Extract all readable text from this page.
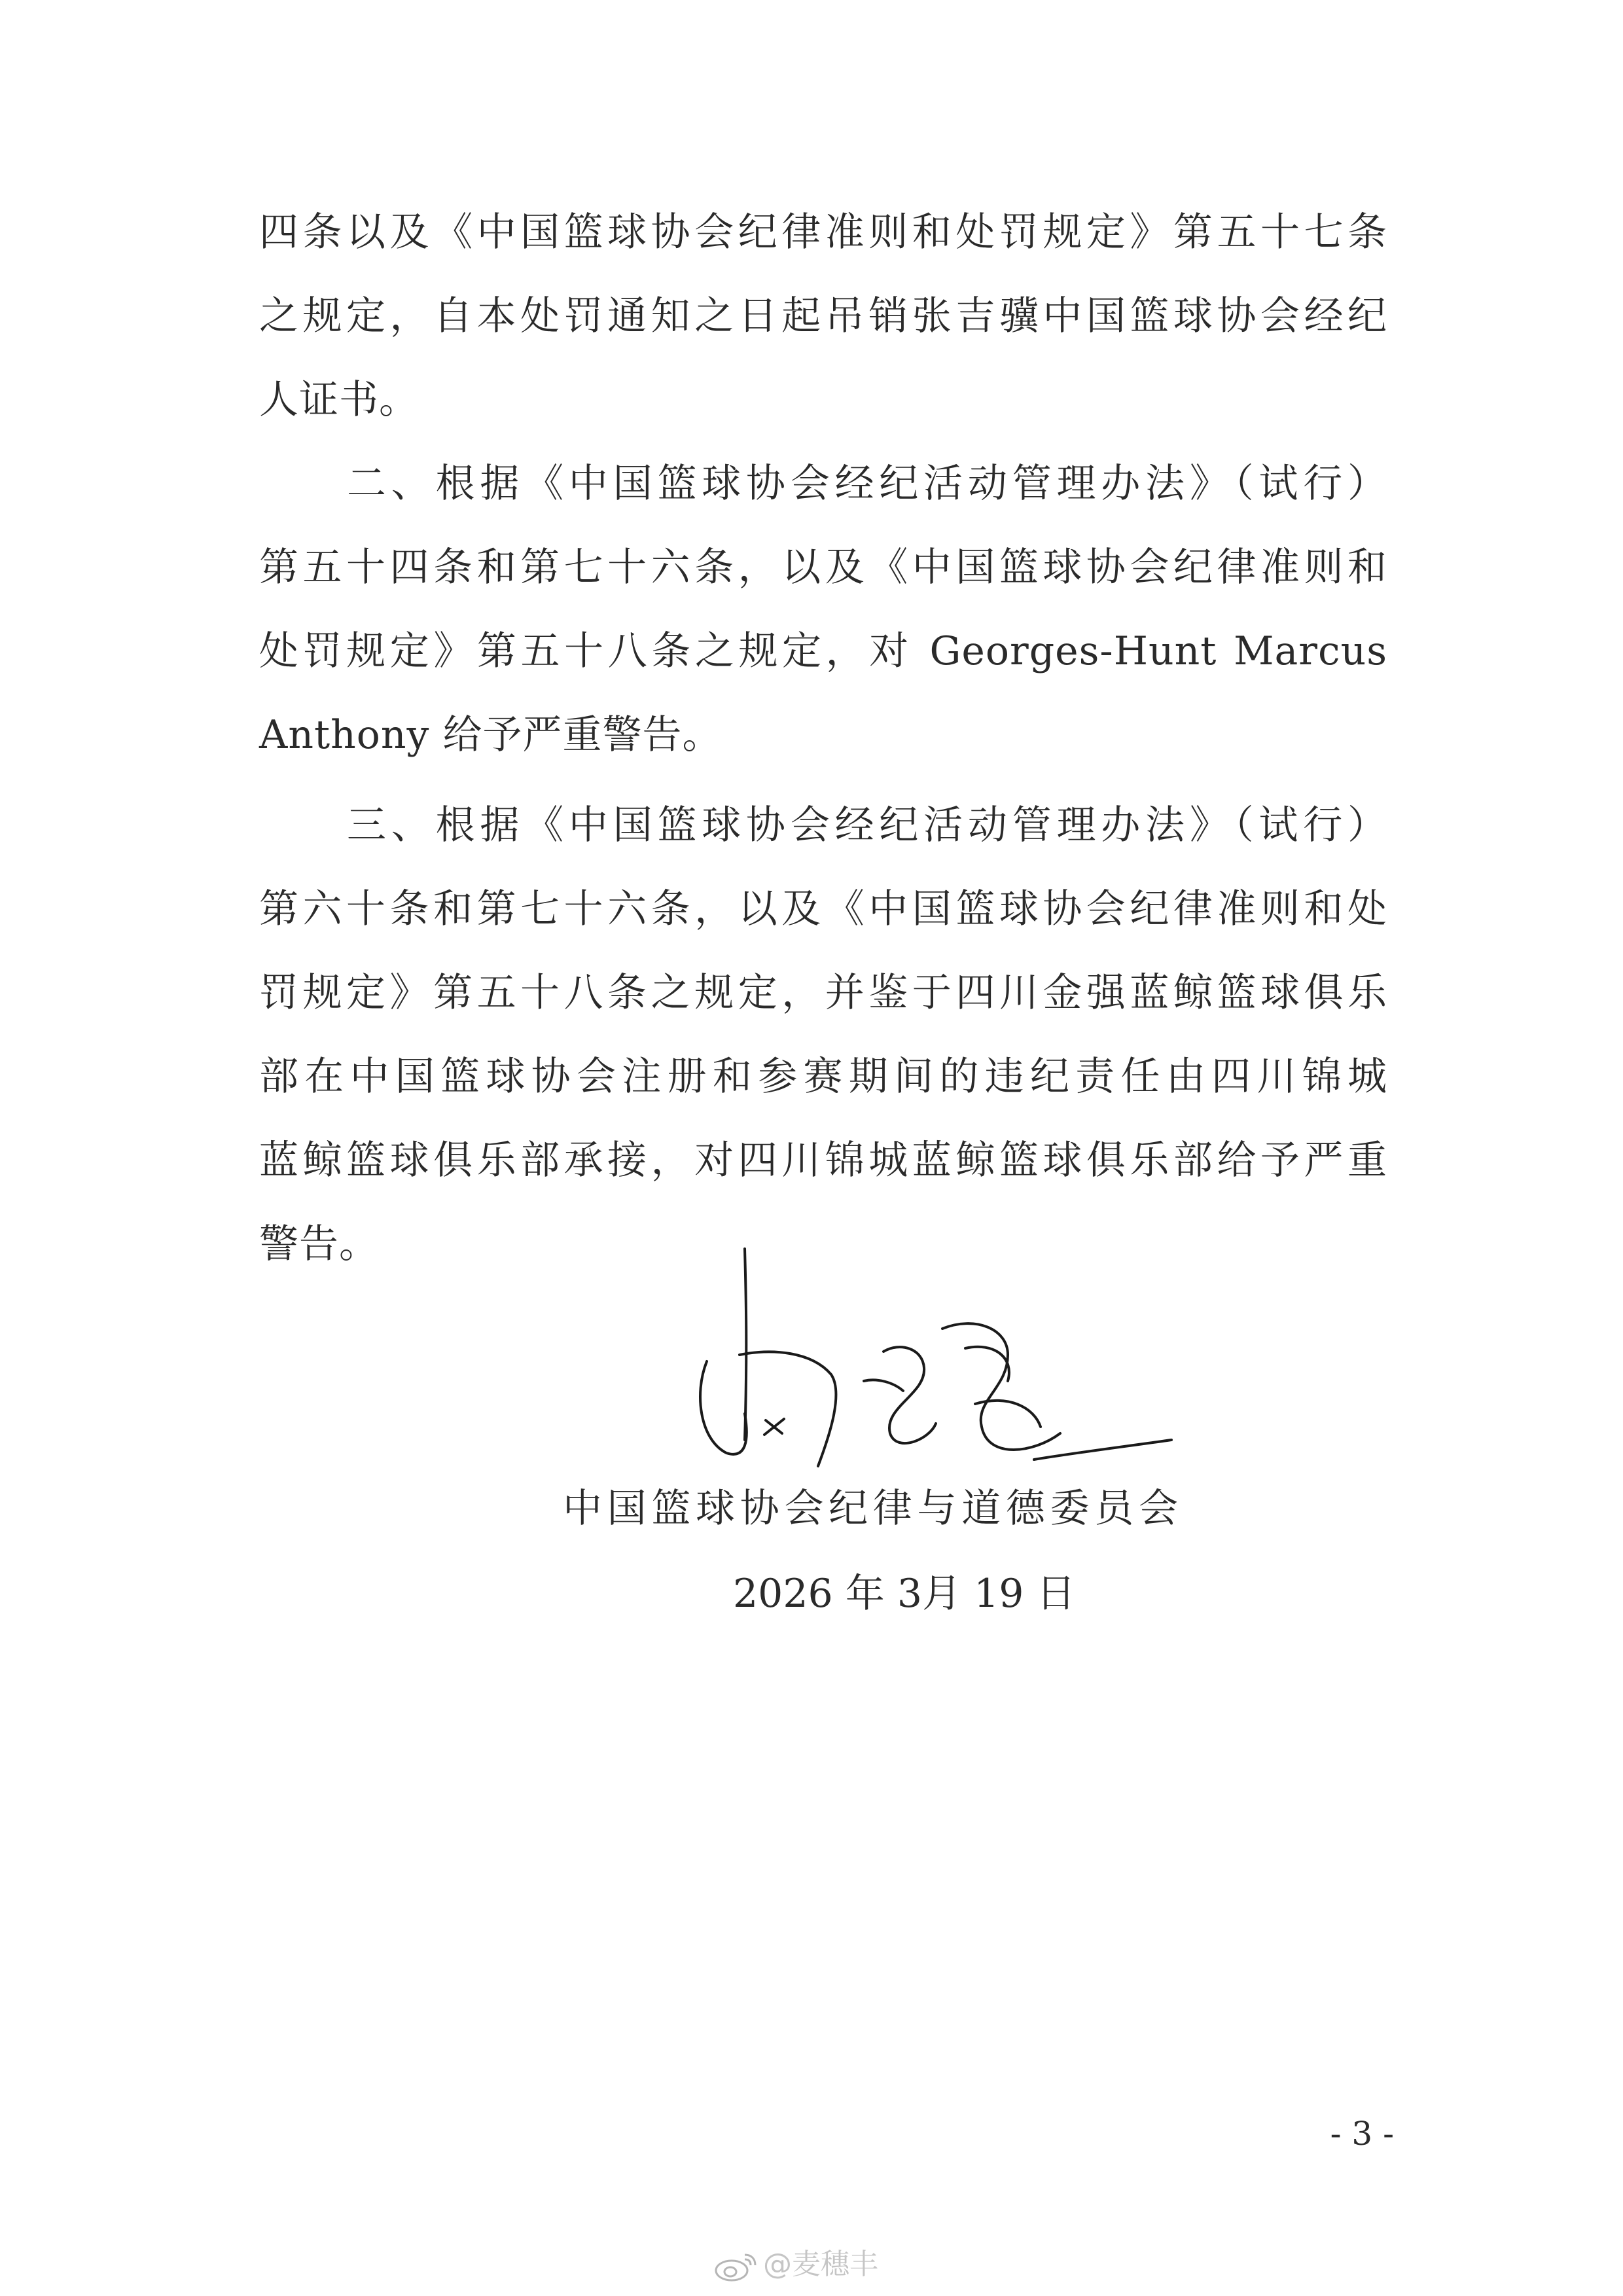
四条以及《中国篮球协会纪律准则和处罚规定》第五十七条
之规定，自本处罚通知之日起吊销张吉骥中国篮球协会经纪
人证书。
二、根据《中国篮球协会经纪活动管理办法》（试行）
第五十四条和第七十六条，以及《中国篮球协会纪律准则和
处罚规定》第五十八条之规定，对 Georges-Hunt Marcus
Anthony 给予严重警告。
三、根据《中国篮球协会经纪活动管理办法》（试行）
第六十条和第七十六条，以及《中国篮球协会纪律准则和处
罚规定》第五十八条之规定，并鉴于四川金强蓝鲸篮球俱乐
部在中国篮球协会注册和参赛期间的违纪责任由四川锦城
蓝鲸篮球俱乐部承接，对四川锦城蓝鲸篮球俱乐部给予严重
警告。
中国篮球协会纪律与道德委员会
2026 年 3月 19 日
- 3 -
@麦穗丰
